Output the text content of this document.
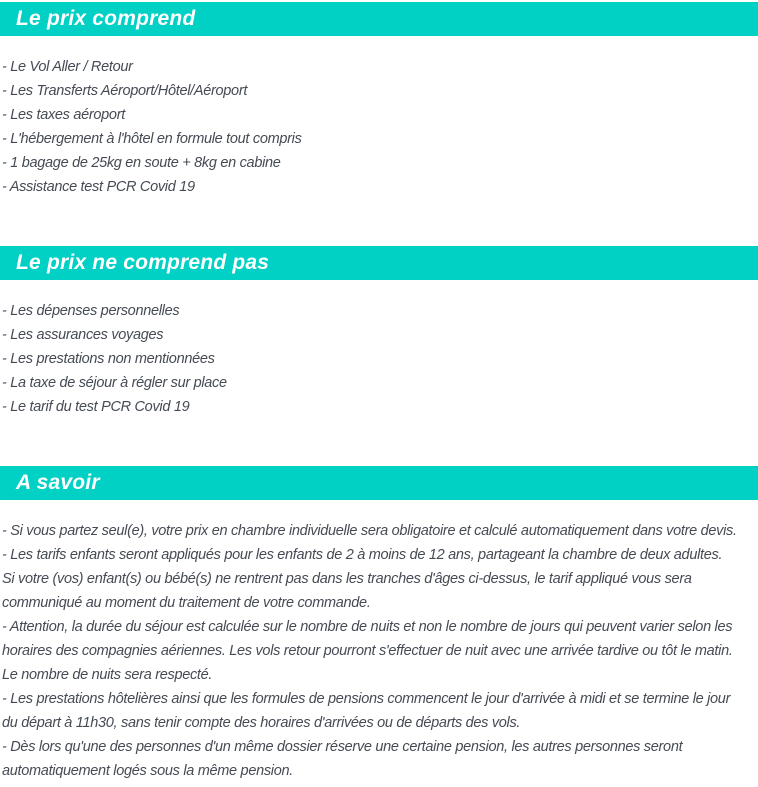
Le prix comprend
- Le Vol Aller / Retour
- Les Transferts Aéroport/Hôtel/Aéroport
- Les taxes aéroport
- L'hébergement à l'hôtel en formule tout compris
- 1 bagage de 25kg en soute + 8kg en cabine
- Assistance test PCR Covid 19
Le prix ne comprend pas
- Les dépenses personnelles
- Les assurances voyages
- Les prestations non mentionnées
- La taxe de séjour à régler sur place
- Le tarif du test PCR Covid 19
A savoir
- Si vous partez seul(e), votre prix en chambre individuelle sera obligatoire et calculé automatiquement dans votre devis.
- Les tarifs enfants seront appliqués pour les enfants de 2 à moins de 12 ans, partageant la chambre de deux adultes.
Si votre (vos) enfant(s) ou bébé(s) ne rentrent pas dans les tranches d'âges ci-dessus, le tarif appliqué vous sera
communiqué au moment du traitement de votre commande.
- Attention, la durée du séjour est calculée sur le nombre de nuits et non le nombre de jours qui peuvent varier selon les
horaires des compagnies aériennes. Les vols retour pourront s'effectuer de nuit avec une arrivée tardive ou tôt le matin.
Le nombre de nuits sera respecté.
- Les prestations hôtelières ainsi que les formules de pensions commencent le jour d'arrivée à midi et se termine le jour
du départ à 11h30, sans tenir compte des horaires d'arrivées ou de départs des vols.
- Dès lors qu'une des personnes d'un même dossier réserve une certaine pension, les autres personnes seront
automatiquement logés sous la même pension.
